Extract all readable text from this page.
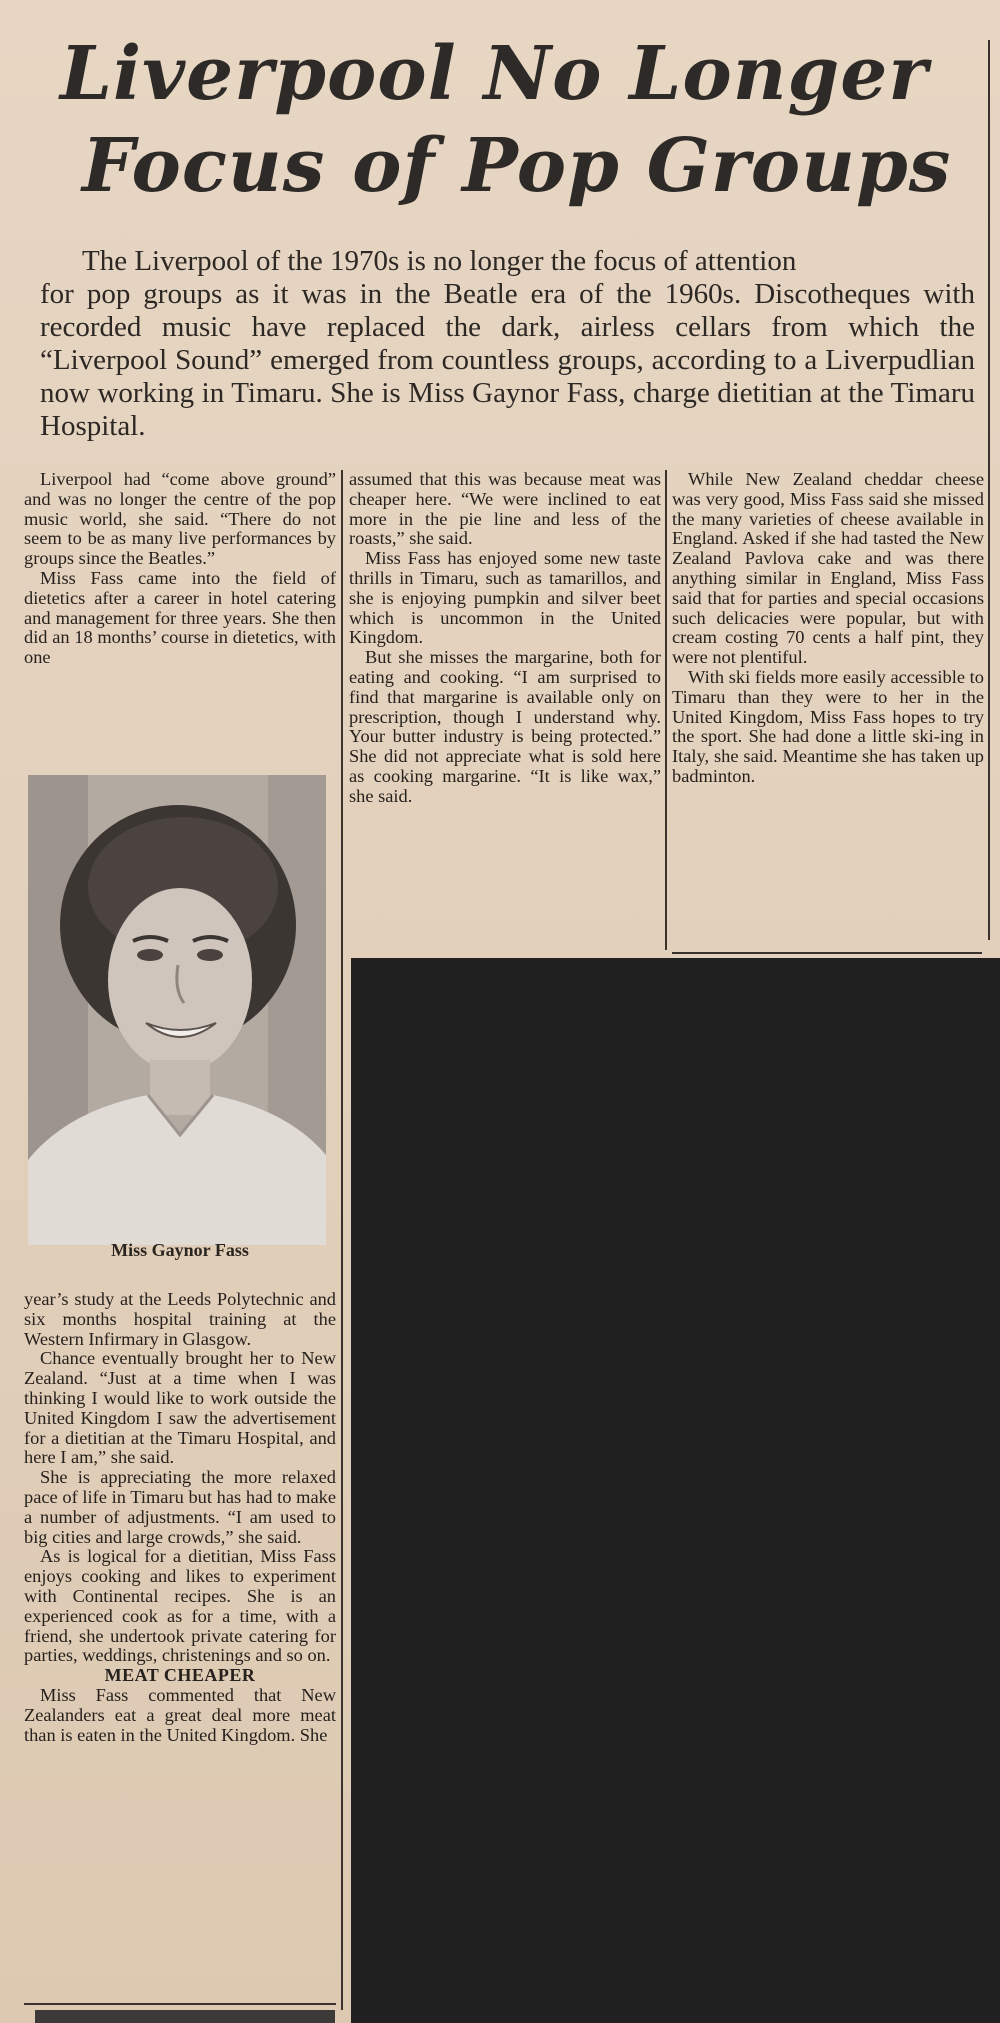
Liverpool No Longer
Focus of Pop Groups

The Liverpool of the 1970s is no longer the focus of attention
for pop groups as it was in the Beatle era of the 1960s. Discotheques with recorded music have replaced the dark, airless cellars from which the “Liverpool Sound” emerged from countless groups, according to a Liverpudlian now working in Timaru. She is Miss Gaynor Fass, charge dietitian at the Timaru Hospital.

Liverpool had “come above ground” and was no longer the centre of the pop music world, she said. “There do not seem to be as many live performances by groups since the Beatles.”

Miss Fass came into the field of dietetics after a career in hotel catering and management for three years. She then did an 18 months’ course in dietetics, with one

Miss Gaynor Fass

year’s study at the Leeds Polytechnic and six months hospital training at the Western Infirmary in Glasgow.

Chance eventually brought her to New Zealand. “Just at a time when I was thinking I would like to work outside the United Kingdom I saw the advertisement for a dietitian at the Timaru Hospital, and here I am,” she said.

She is appreciating the more relaxed pace of life in Timaru but has had to make a number of adjustments. “I am used to big cities and large crowds,” she said.

As is logical for a dietitian, Miss Fass enjoys cooking and likes to experiment with Continental recipes. She is an experienced cook as for a time, with a friend, she undertook private catering for parties, weddings, christenings and so on.

MEAT CHEAPER

Miss Fass commented that New Zealanders eat a great deal more meat than is eaten in the United Kingdom. She

assumed that this was because meat was cheaper here. “We were inclined to eat more in the pie line and less of the roasts,” she said.

Miss Fass has enjoyed some new taste thrills in Timaru, such as tamarillos, and she is enjoying pumpkin and silver beet which is uncommon in the United Kingdom.

But she misses the margarine, both for eating and cooking. “I am surprised to find that margarine is available only on prescription, though I understand why. Your butter industry is being protected.” She did not appreciate what is sold here as cooking margarine. “It is like wax,” she said.

While New Zealand cheddar cheese was very good, Miss Fass said she missed the many varieties of cheese available in England. Asked if she had tasted the New Zealand Pavlova cake and was there anything similar in England, Miss Fass said that for parties and special occasions such delicacies were popular, but with cream costing 70 cents a half pint, they were not plentiful.

With ski fields more easily accessible to Timaru than they were to her in the United Kingdom, Miss Fass hopes to try the sport. She had done a little ski-ing in Italy, she said. Meantime she has taken up badminton.
